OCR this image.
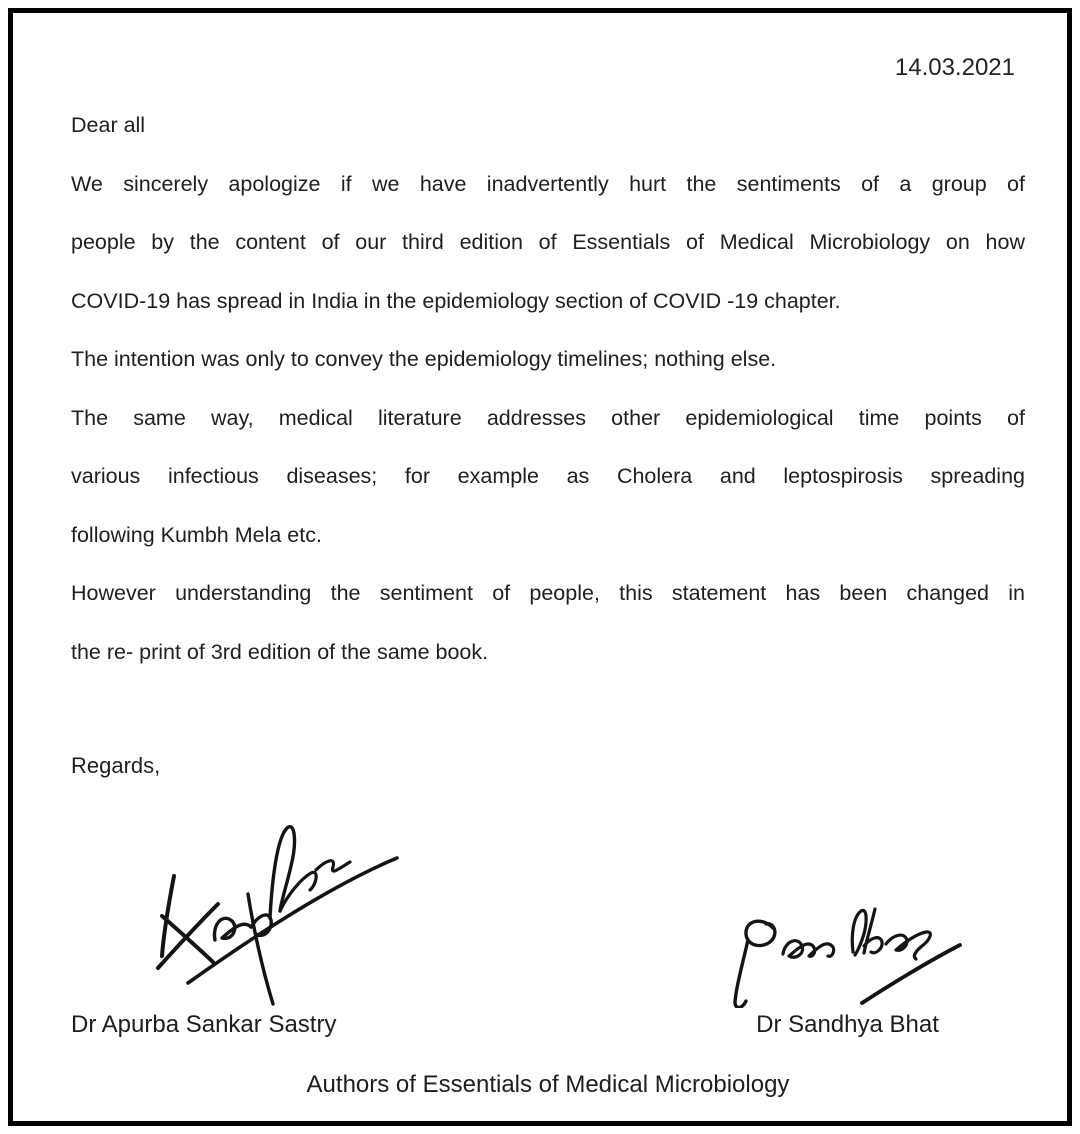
14.03.2021
Dear all
We sincerely apologize if we have inadvertently hurt the sentiments of a group of
people by the content of our third edition of Essentials of Medical Microbiology on how
COVID-19 has spread in India in the epidemiology section of COVID -19 chapter.
The intention was only to convey the epidemiology timelines; nothing else.
The same way, medical literature addresses other epidemiological time points of
various infectious diseases; for example as Cholera and leptospirosis spreading
following Kumbh Mela etc.
However understanding the sentiment of people, this statement has been changed in
the re- print of 3rd edition of the same book.
Regards,
Dr Apurba Sankar Sastry	Dr Sandhya Bhat
Authors of Essentials of Medical Microbiology
